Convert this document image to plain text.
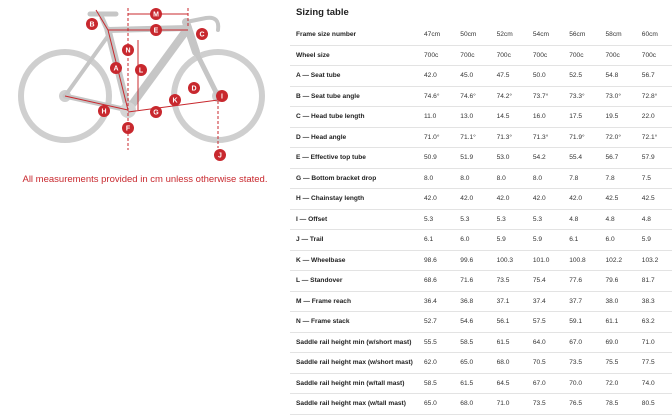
A
B
C
D
E
F
G
H
I
J
K
L
M
N
All measurements provided in cm unless otherwise stated.
Sizing table
Frame size number	47cm	50cm	52cm	54cm	56cm	58cm	60cm
Wheel size	700c	700c	700c	700c	700c	700c	700c
A — Seat tube	42.0	45.0	47.5	50.0	52.5	54.8	56.7
B — Seat tube angle	74.6°	74.6°	74.2°	73.7°	73.3°	73.0°	72.8°
C — Head tube length	11.0	13.0	14.5	16.0	17.5	19.5	22.0
D — Head angle	71.0°	71.1°	71.3°	71.3°	71.9°	72.0°	72.1°
E — Effective top tube	50.9	51.9	53.0	54.2	55.4	56.7	57.9
G — Bottom bracket drop	8.0	8.0	8.0	8.0	7.8	7.8	7.5
H — Chainstay length	42.0	42.0	42.0	42.0	42.0	42.5	42.5
I — Offset	5.3	5.3	5.3	5.3	4.8	4.8	4.8
J — Trail	6.1	6.0	5.9	5.9	6.1	6.0	5.9
K — Wheelbase	98.6	99.6	100.3	101.0	100.8	102.2	103.2
L — Standover	68.6	71.6	73.5	75.4	77.6	79.6	81.7
M — Frame reach	36.4	36.8	37.1	37.4	37.7	38.0	38.3
N — Frame stack	52.7	54.6	56.1	57.5	59.1	61.1	63.2
Saddle rail height min (w/short mast)	55.5	58.5	61.5	64.0	67.0	69.0	71.0
Saddle rail height max (w/short mast)	62.0	65.0	68.0	70.5	73.5	75.5	77.5
Saddle rail height min (w/tall mast)	58.5	61.5	64.5	67.0	70.0	72.0	74.0
Saddle rail height max (w/tall mast)	65.0	68.0	71.0	73.5	76.5	78.5	80.5
